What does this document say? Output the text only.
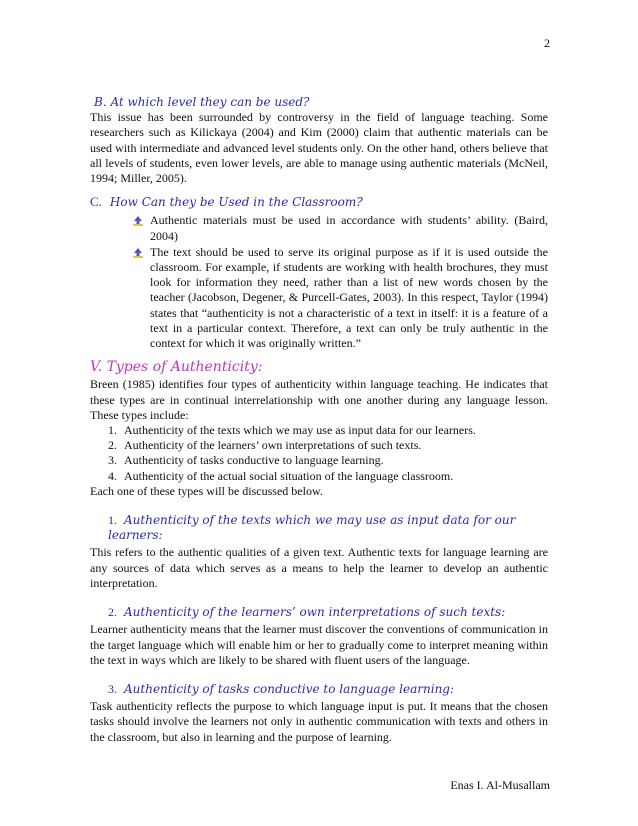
2

B. At which level they can be used?

This issue has been surrounded by controversy in the field of language teaching. Some researchers such as Kilickaya (2004) and Kim (2000) claim that authentic materials can be used with intermediate and advanced level students only. On the other hand, others believe that all levels of students, even lower levels, are able to manage using authentic materials (McNeil, 1994; Miller, 2005).

C. How Can they be Used in the Classroom?

Authentic materials must be used in accordance with students’ ability. (Baird, 2004)
The text should be used to serve its original purpose as if it is used outside the classroom. For example, if students are working with health brochures, they must look for information they need, rather than a list of new words chosen by the teacher (Jacobson, Degener, & Purcell-Gates, 2003). In this respect, Taylor (1994) states that “authenticity is not a characteristic of a text in itself: it is a feature of a text in a particular context. Therefore, a text can only be truly authentic in the context for which it was originally written.”

V. Types of Authenticity:

Breen (1985) identifies four types of authenticity within language teaching. He indicates that these types are in continual interrelationship with one another during any language lesson. These types include:

1. Authenticity of the texts which we may use as input data for our learners.
2. Authenticity of the learners’ own interpretations of such texts.
3. Authenticity of tasks conductive to language learning.
4. Authenticity of the actual social situation of the language classroom.

Each one of these types will be discussed below.

1. Authenticity of the texts which we may use as input data for our learners:

This refers to the authentic qualities of a given text. Authentic texts for language learning are any sources of data which serves as a means to help the learner to develop an authentic interpretation.

2. Authenticity of the learners’ own interpretations of such texts:

Learner authenticity means that the learner must discover the conventions of communication in the target language which will enable him or her to gradually come to interpret meaning within the text in ways which are likely to be shared with fluent users of the language.

3. Authenticity of tasks conductive to language learning:

Task authenticity reflects the purpose to which language input is put. It means that the chosen tasks should involve the learners not only in authentic communication with texts and others in the classroom, but also in learning and the purpose of learning.

Enas I. Al-Musallam
